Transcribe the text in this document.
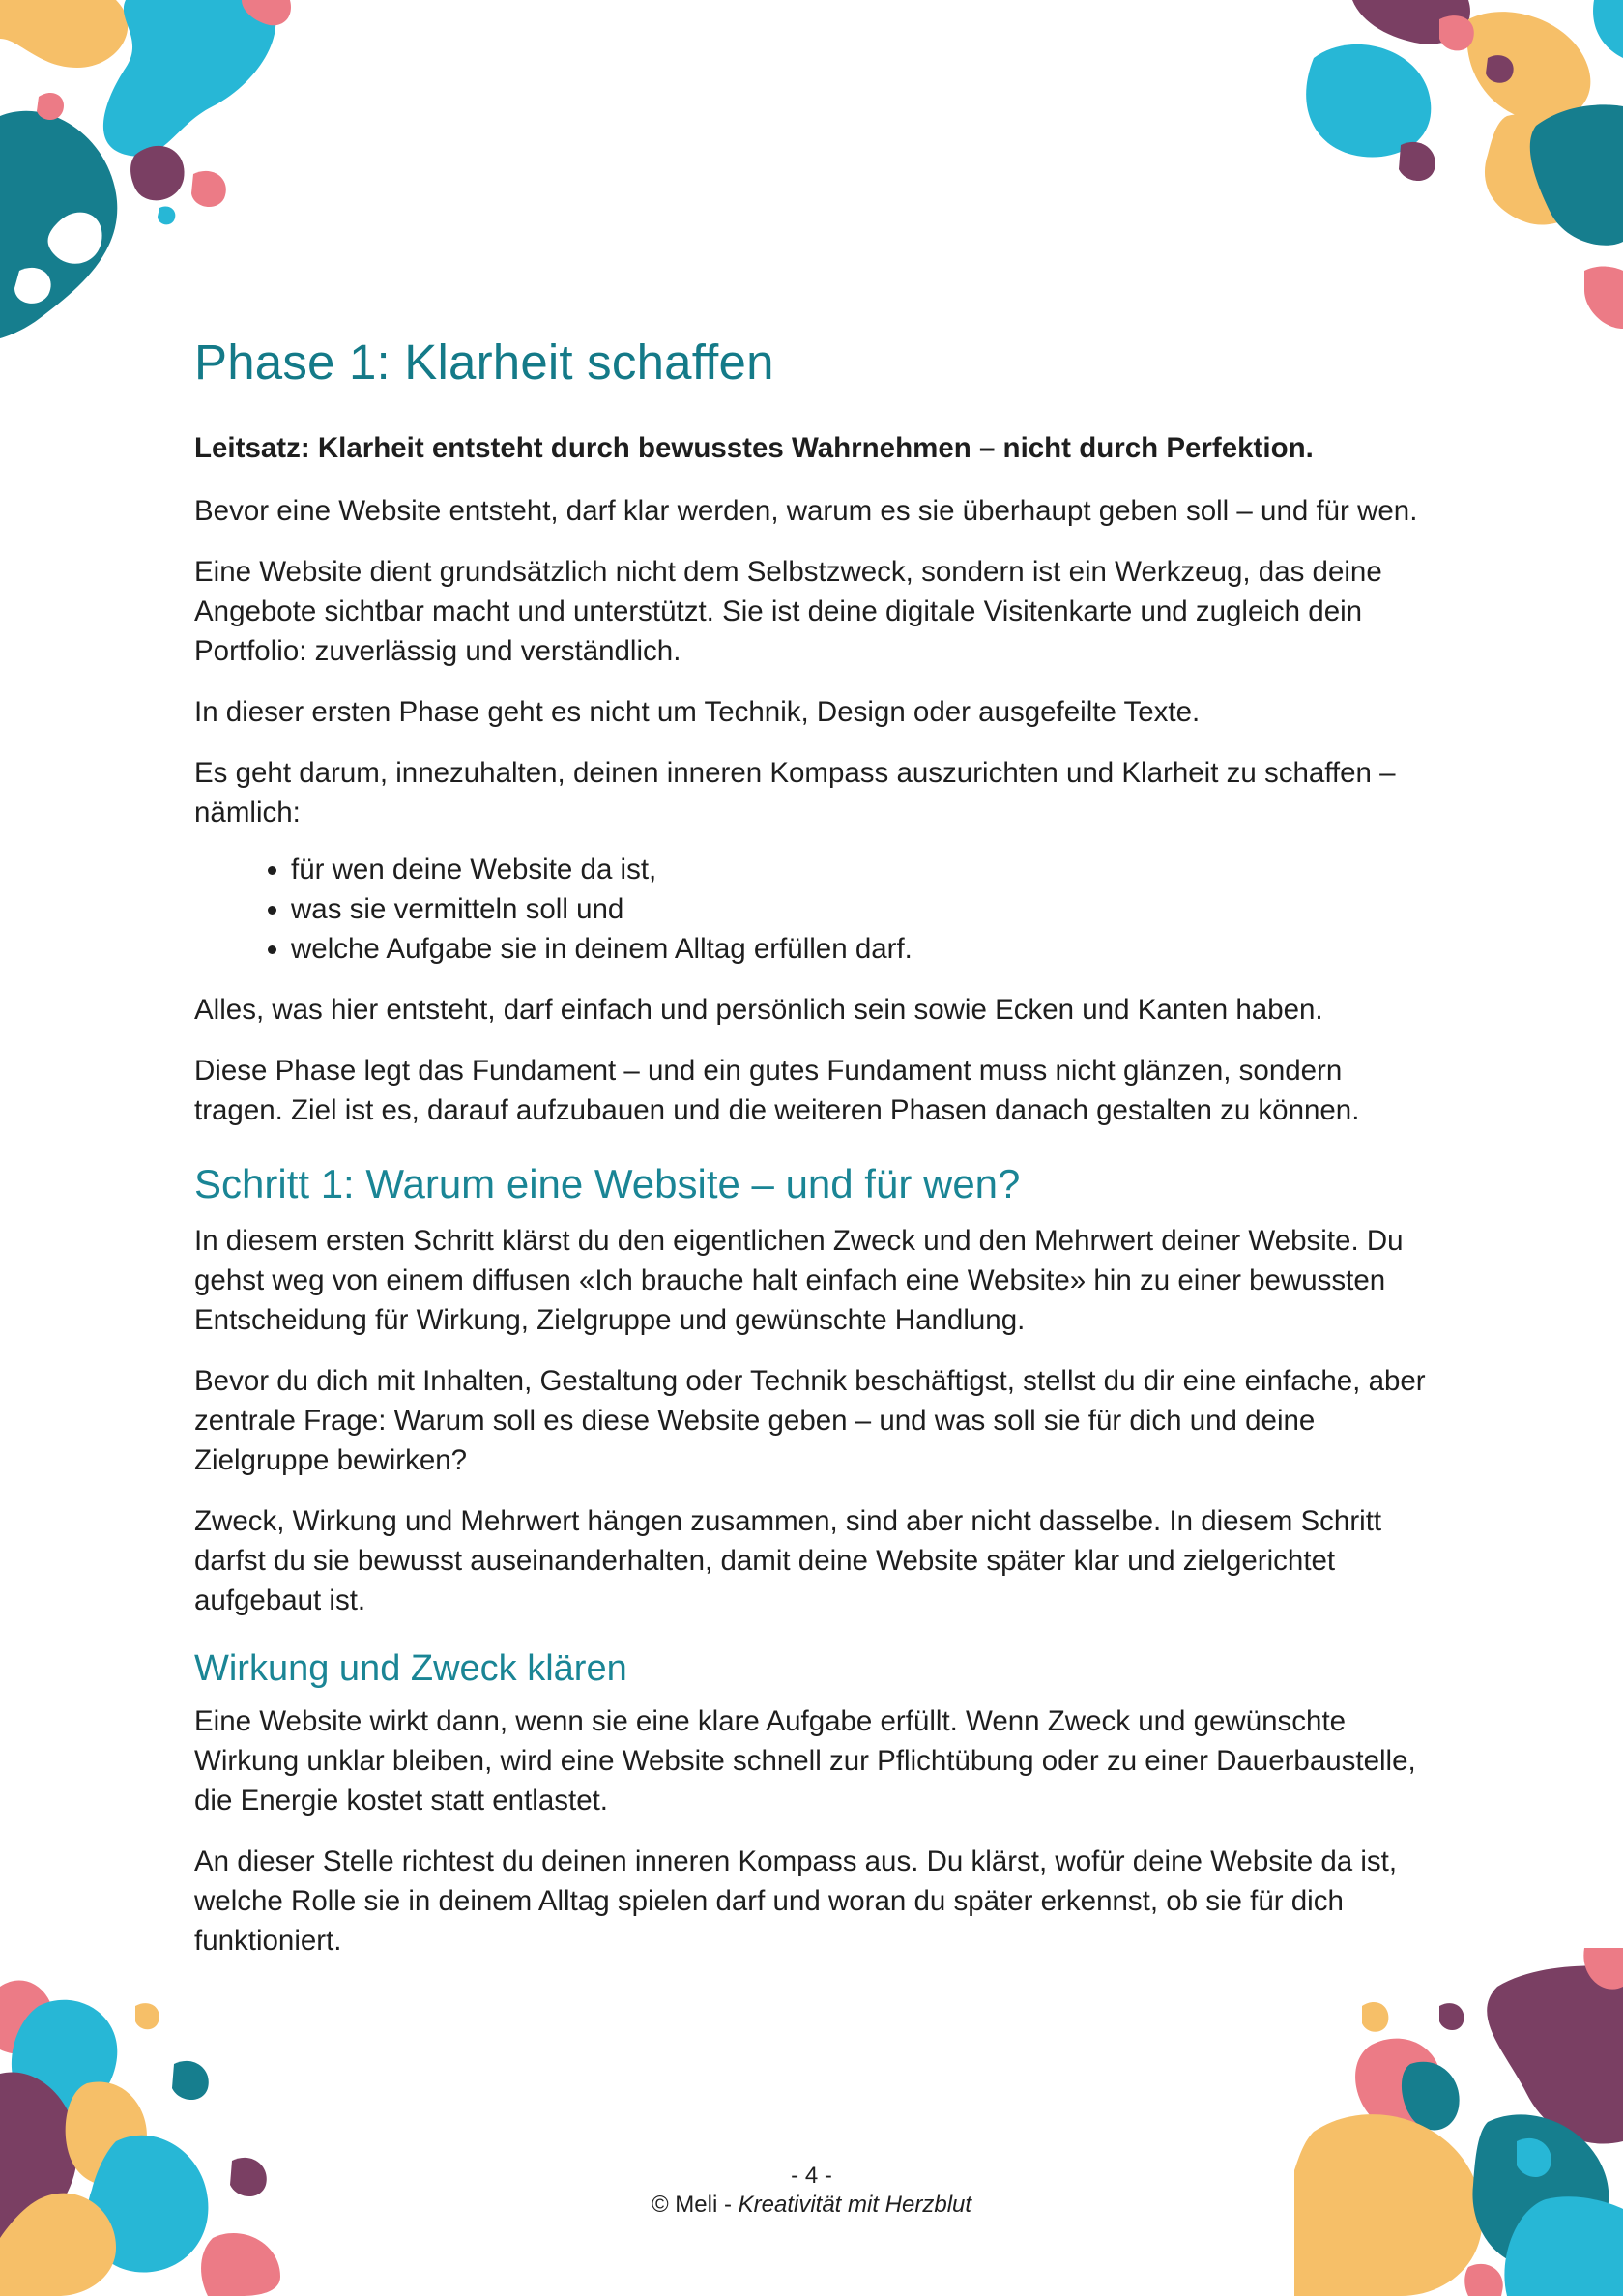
Phase 1: Klarheit schaffen

Leitsatz: Klarheit entsteht durch bewusstes Wahrnehmen – nicht durch Perfektion.

Bevor eine Website entsteht, darf klar werden, warum es sie überhaupt geben soll – und für wen.

Eine Website dient grundsätzlich nicht dem Selbstzweck, sondern ist ein Werkzeug, das deine Angebote sichtbar macht und unterstützt. Sie ist deine digitale Visitenkarte und zugleich dein Portfolio: zuverlässig und verständlich.

In dieser ersten Phase geht es nicht um Technik, Design oder ausgefeilte Texte.

Es geht darum, innezuhalten, deinen inneren Kompass auszurichten und Klarheit zu schaffen – nämlich:

• für wen deine Website da ist,
• was sie vermitteln soll und
• welche Aufgabe sie in deinem Alltag erfüllen darf.

Alles, was hier entsteht, darf einfach und persönlich sein sowie Ecken und Kanten haben.

Diese Phase legt das Fundament – und ein gutes Fundament muss nicht glänzen, sondern tragen. Ziel ist es, darauf aufzubauen und die weiteren Phasen danach gestalten zu können.

Schritt 1: Warum eine Website – und für wen?

In diesem ersten Schritt klärst du den eigentlichen Zweck und den Mehrwert deiner Website. Du gehst weg von einem diffusen «Ich brauche halt einfach eine Website» hin zu einer bewussten Entscheidung für Wirkung, Zielgruppe und gewünschte Handlung.

Bevor du dich mit Inhalten, Gestaltung oder Technik beschäftigst, stellst du dir eine einfache, aber zentrale Frage: Warum soll es diese Website geben – und was soll sie für dich und deine Zielgruppe bewirken?

Zweck, Wirkung und Mehrwert hängen zusammen, sind aber nicht dasselbe. In diesem Schritt darfst du sie bewusst auseinanderhalten, damit deine Website später klar und zielgerichtet aufgebaut ist.

Wirkung und Zweck klären

Eine Website wirkt dann, wenn sie eine klare Aufgabe erfüllt. Wenn Zweck und gewünschte Wirkung unklar bleiben, wird eine Website schnell zur Pflichtübung oder zu einer Dauerbaustelle, die Energie kostet statt entlastet.

An dieser Stelle richtest du deinen inneren Kompass aus. Du klärst, wofür deine Website da ist, welche Rolle sie in deinem Alltag spielen darf und woran du später erkennst, ob sie für dich funktioniert.

- 4 -
© Meli - Kreativität mit Herzblut
